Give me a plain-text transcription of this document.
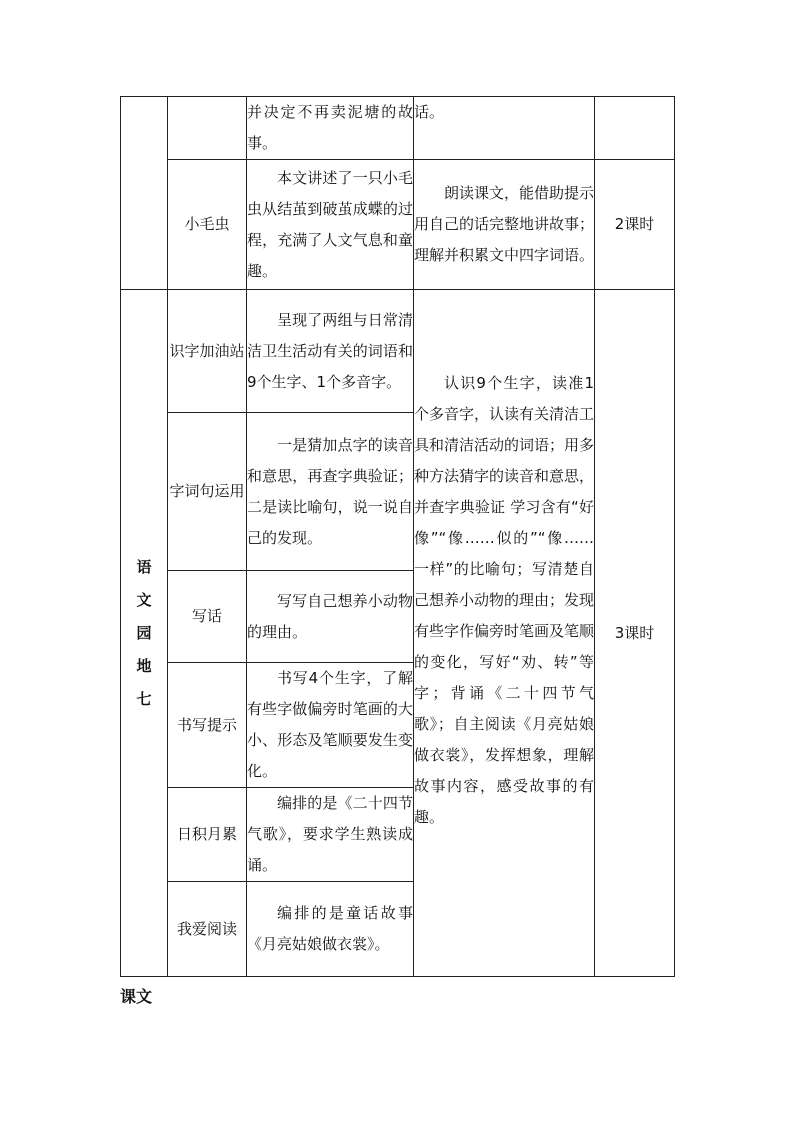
		并决定不再卖泥塘的故事。	话。	

	小毛虫	本文讲述了一只小毛虫从结茧到破茧成蝶的过程，充满了人文气息和童趣。	朗读课文，能借助提示用自己的话完整地讲故事；理解并积累文中四字词语。	2课时

语
文
园
地
七	识字加油站	呈现了两组与日常清洁卫生活动有关的词语和9个生字、1个多音字。	认识9个生字，读准1个多音字，认读有关清洁工具和清洁活动的词语；用多种方法猜字的读音和意思，并查字典验证 学习含有“好像”“像……似的”“像……一样”的比喻句；写清楚自己想养小动物的理由；发现有些字作偏旁时笔画及笔顺的变化，写好“劝、转”等字；背诵《二十四节气歌》；自主阅读《月亮姑娘做衣裳》，发挥想象，理解故事内容，感受故事的有趣。	3课时
	字词句运用	一是猜加点字的读音和意思，再查字典验证；二是读比喻句，说一说自己的发现。		

	写话	写写自己想养小动物的理由。		

	书写提示	书写4个生字，了解有些字做偏旁时笔画的大小、形态及笔顺要发生变化。		

	日积月累	编排的是《二十四节气歌》，要求学生熟读成诵。		

	我爱阅读	编排的是童话故事《月亮姑娘做衣裳》。		

课文
